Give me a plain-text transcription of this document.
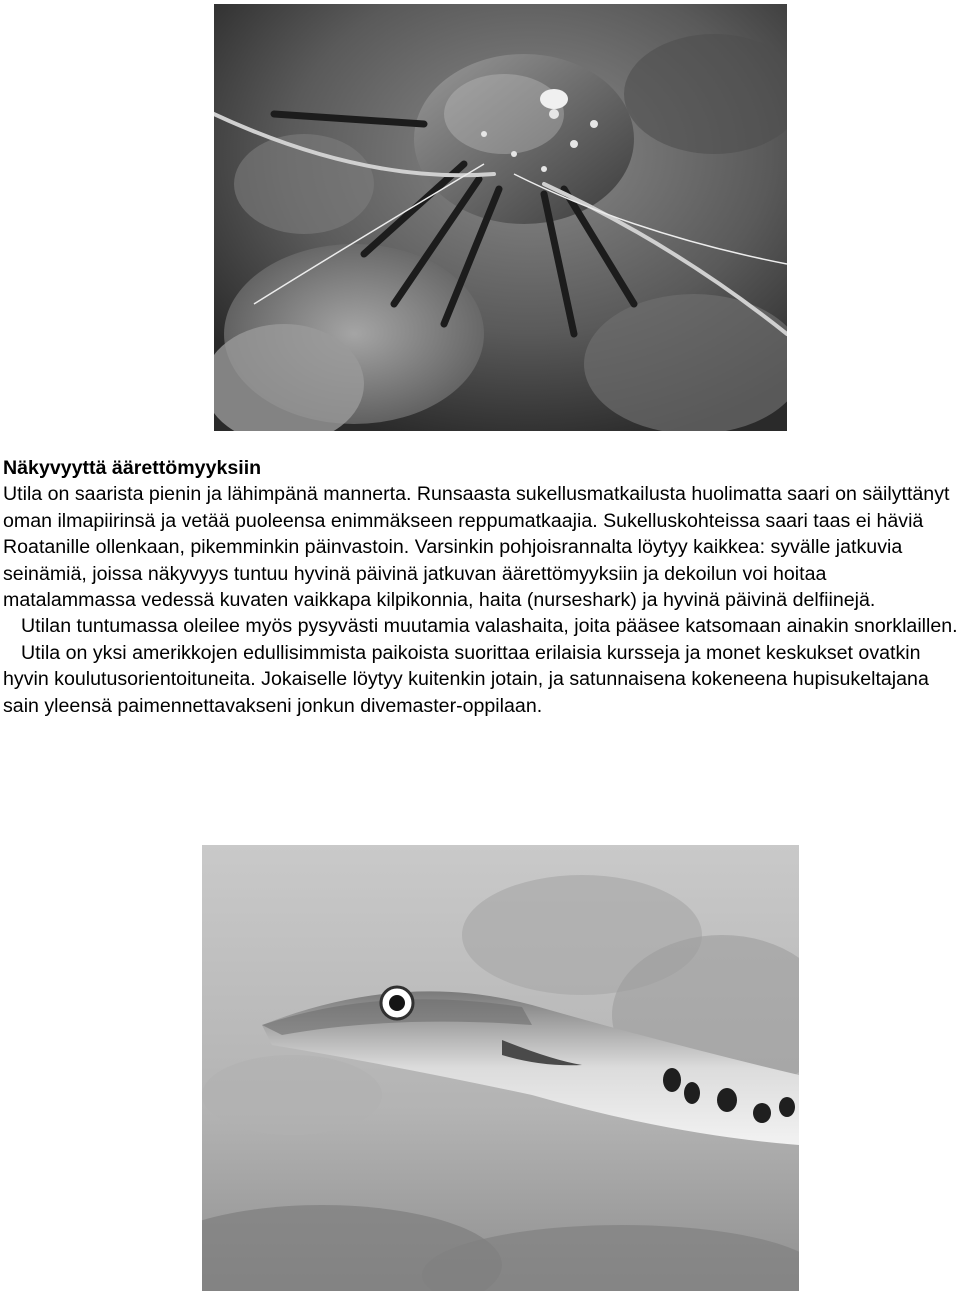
Näkyvyyttä äärettömyyksiin

Utila on saarista pienin ja lähimpänä mannerta. Runsaasta sukellusmatkailusta huolimatta saari on säilyttänyt oman ilmapiirinsä ja vetää puoleensa enimmäkseen reppumatkaajia. Sukelluskohteissa saari taas ei häviä Roatanille ollenkaan, pikemminkin päinvastoin. Varsinkin pohjoisrannalta löytyy kaikkea: syvälle jatkuvia seinämiä, joissa näkyvyys tuntuu hyvinä päivinä jatkuvan äärettömyyksiin ja dekoilun voi hoitaa matalammassa vedessä kuvaten vaikkapa kilpikonnia, haita (nurseshark) ja hyvinä päivinä delfiinejä.

Utilan tuntumassa oleilee myös pysyvästi muutamia valashaita, joita pääsee katsomaan ainakin snorklaillen.

Utila on yksi amerikkojen edullisimmista paikoista suorittaa erilaisia kursseja ja monet keskukset ovatkin hyvin koulutusorientoituneita. Jokaiselle löytyy kuitenkin jotain, ja satunnaisena kokeneena hupisukeltajana sain yleensä paimennettavakseni jonkun divemaster-oppilaan.
